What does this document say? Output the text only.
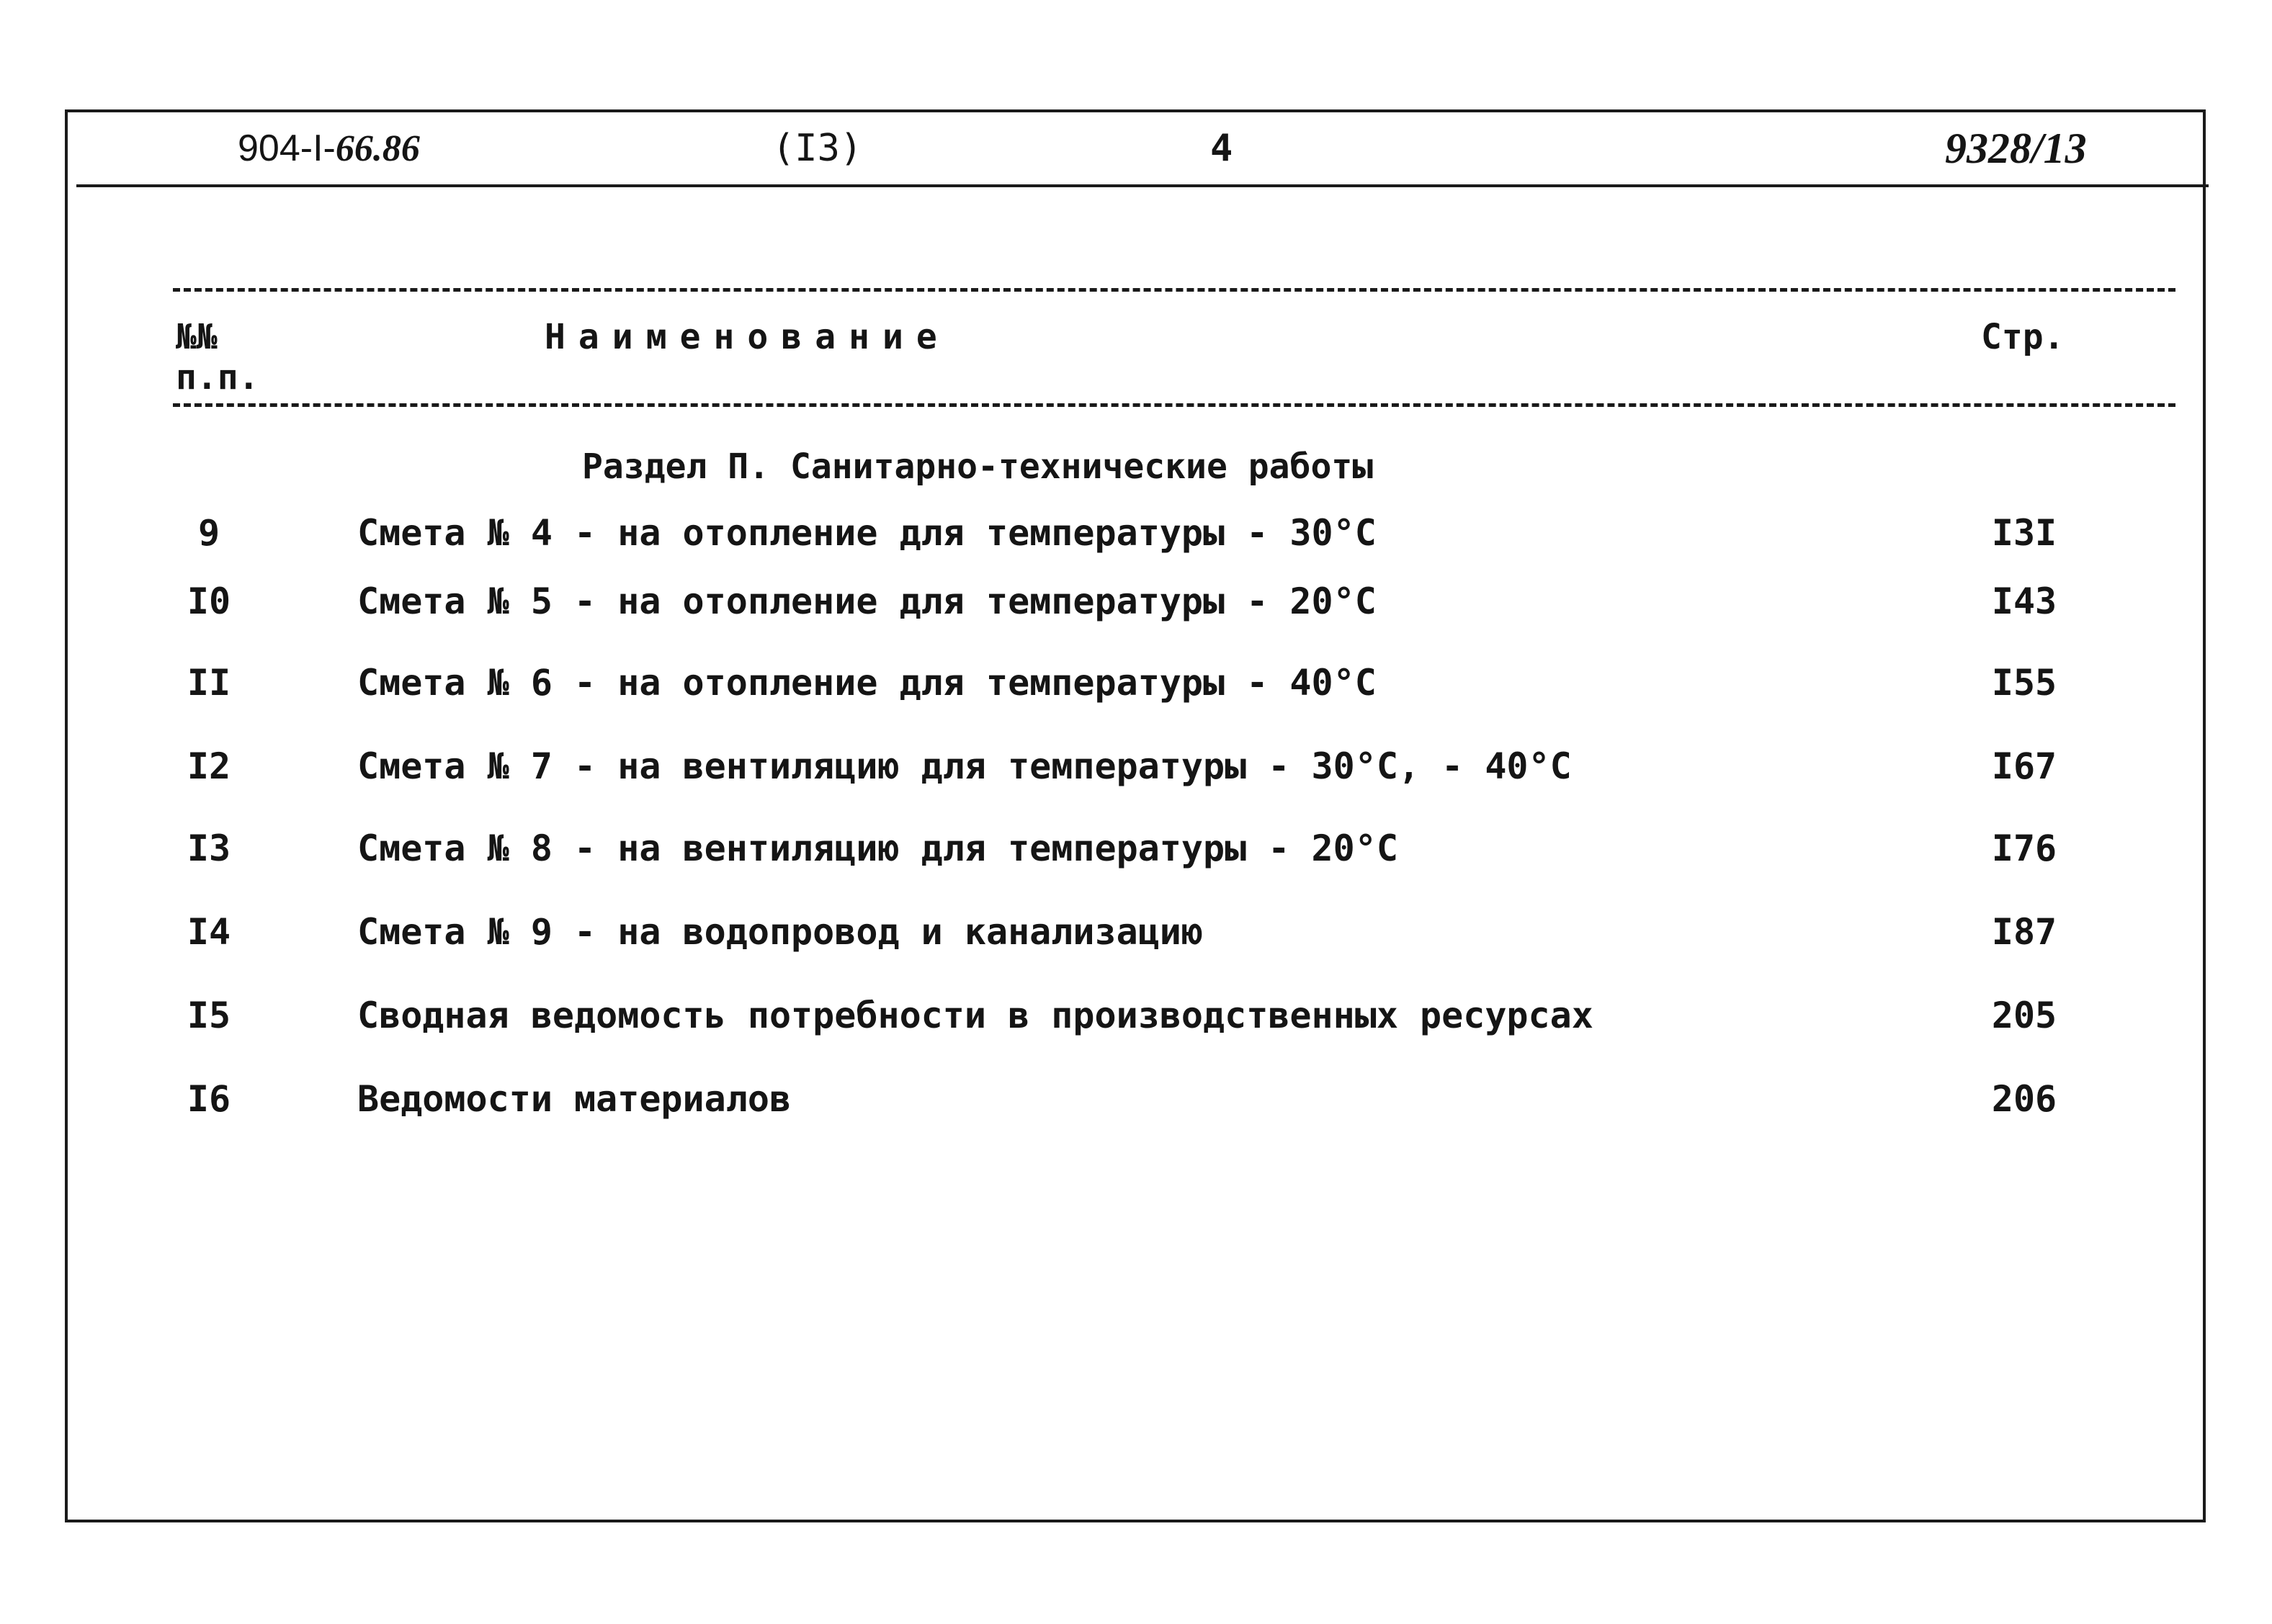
904-I-66.86	(I3)	4	9328/13
№№
п.п.
Наименование	Стр.
Раздел П. Санитарно-технические работы
9	Смета № 4 - на отопление для температуры - 30°С	I3I
I0	Смета № 5 - на отопление для температуры - 20°С	I43
II	Смета № 6 - на отопление для температуры - 40°С	I55
I2	Смета № 7 - на вентиляцию для температуры - 30°С, - 40°С	I67
I3	Смета № 8 - на вентиляцию для температуры - 20°С	I76
I4	Смета № 9 - на водопровод и канализацию	I87
I5	Сводная ведомость потребности в производственных ресурсах	205
I6	Ведомости материалов	206
